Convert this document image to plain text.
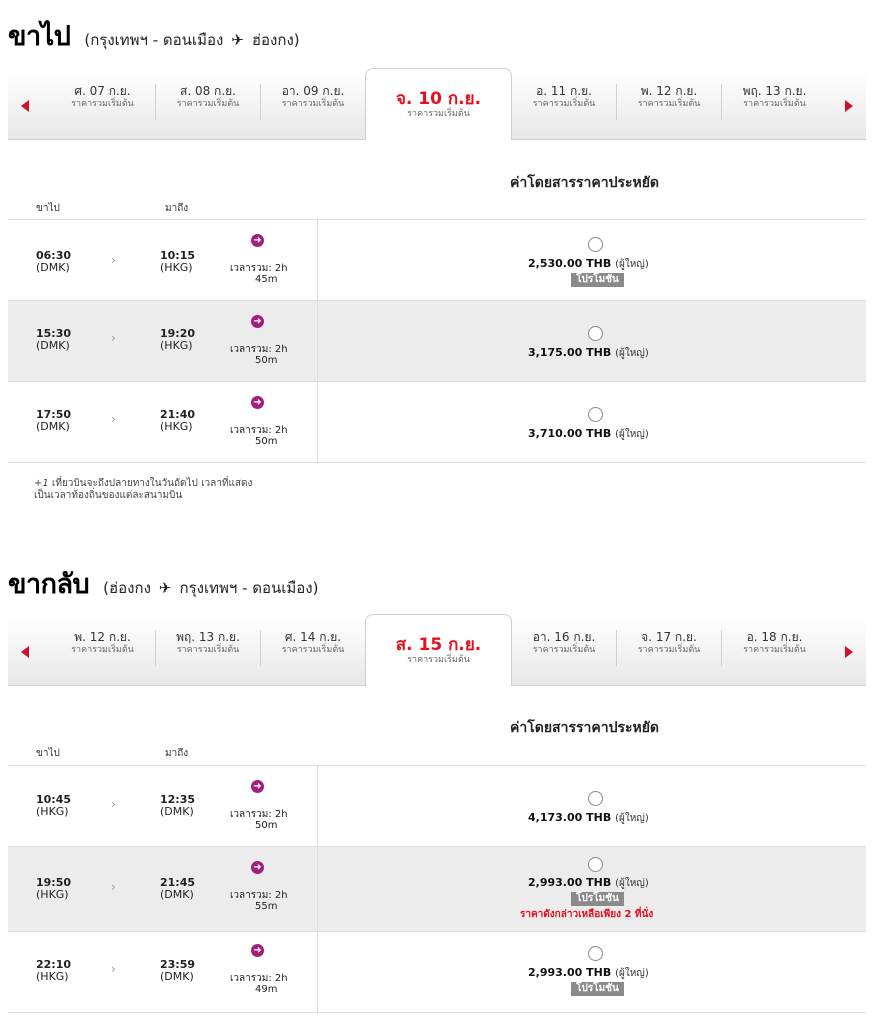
ขาไป (กรุงเทพฯ - ดอนเมือง ✈ ฮ่องกง)
ศ. 07 ก.ย.
ราคารวมเริ่มต้น
ส. 08 ก.ย.
ราคารวมเริ่มต้น
อา. 09 ก.ย.
ราคารวมเริ่มต้น	จ. 10 ก.ย.
ราคารวมเริ่มต้น
อ. 11 ก.ย.
ราคารวมเริ่มต้น
พ. 12 ก.ย.
ราคารวมเริ่มต้น
พฤ. 13 ก.ย.
ราคารวมเริ่มต้น
ค่าโดยสารราคาประหยัด
ขาไป	มาถึง
06:30
(DMK)
›	10:15
(HKG)
➜
เวลารวม: 2h
45m
2,530.00 THB (ผู้ใหญ่)
โปรโมชัน
15:30
(DMK)
›	19:20
(HKG)
➜
เวลารวม: 2h
50m
3,175.00 THB (ผู้ใหญ่)
17:50
(DMK)
›	21:40
(HKG)
➜
เวลารวม: 2h
50m
3,710.00 THB (ผู้ใหญ่)
+1 เที่ยวบินจะถึงปลายทางในวันถัดไป เวลาที่แสดง
เป็นเวลาท้องถิ่นของแต่ละสนามบิน
ขากลับ (ฮ่องกง ✈ กรุงเทพฯ - ดอนเมือง)
พ. 12 ก.ย.
ราคารวมเริ่มต้น
พฤ. 13 ก.ย.
ราคารวมเริ่มต้น
ศ. 14 ก.ย.
ราคารวมเริ่มต้น	ส. 15 ก.ย.
ราคารวมเริ่มต้น
อา. 16 ก.ย.
ราคารวมเริ่มต้น
จ. 17 ก.ย.
ราคารวมเริ่มต้น
อ. 18 ก.ย.
ราคารวมเริ่มต้น
ค่าโดยสารราคาประหยัด
ขาไป	มาถึง
10:45
(HKG)
›	12:35
(DMK)
➜
เวลารวม: 2h
50m
4,173.00 THB (ผู้ใหญ่)
19:50
(HKG)
›	21:45
(DMK)
➜
เวลารวม: 2h
55m
2,993.00 THB (ผู้ใหญ่)
โปรโมชัน
ราคาดังกล่าวเหลือเพียง 2 ที่นั่ง
22:10
(HKG)
›	23:59
(DMK)
➜
เวลารวม: 2h
49m
2,993.00 THB (ผู้ใหญ่)
โปรโมชัน
